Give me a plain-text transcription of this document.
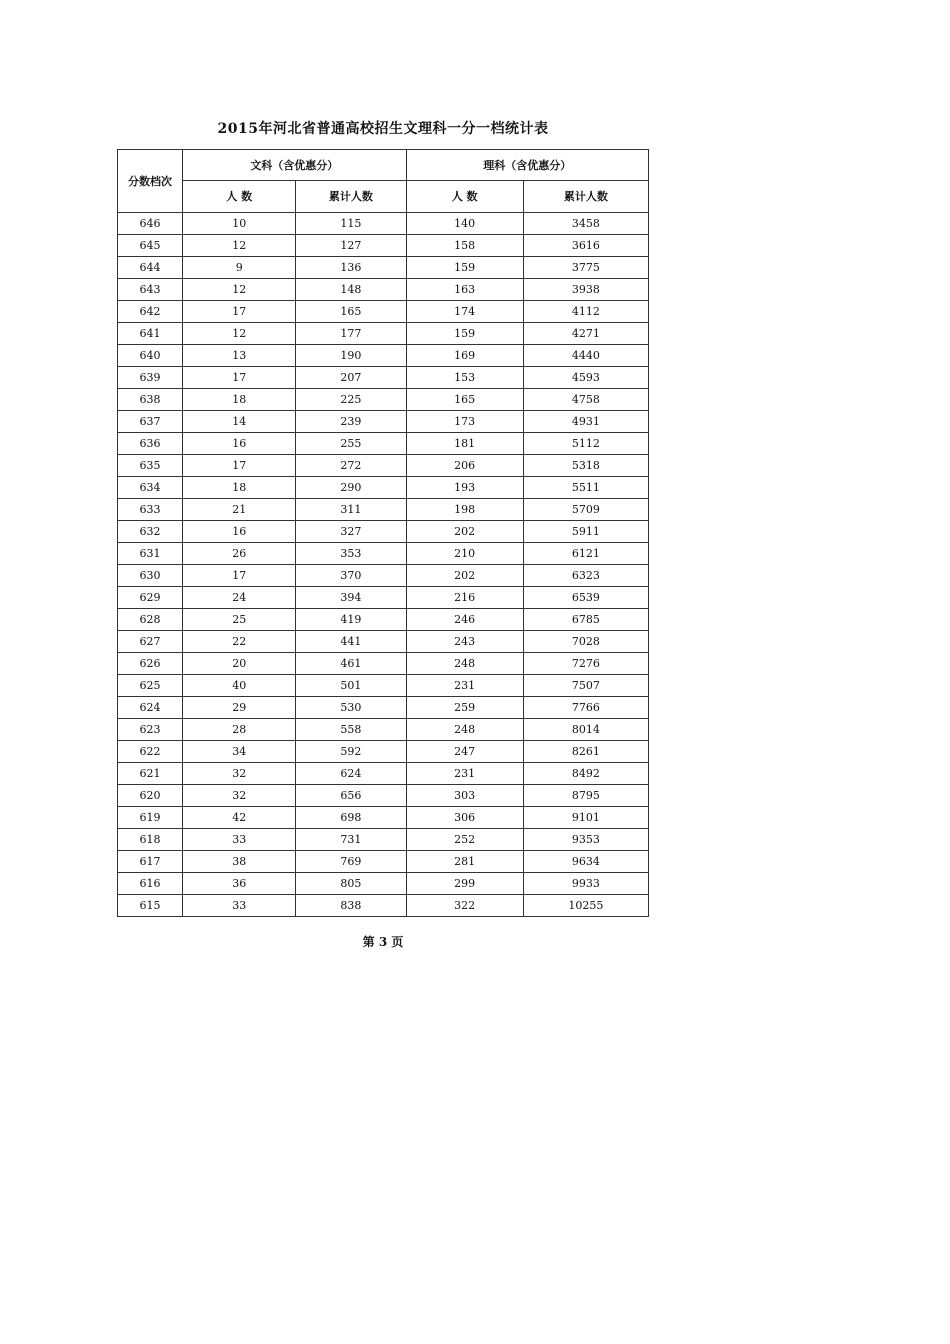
2015年河北省普通高校招生文理科一分一档统计表
分数档次	文科（含优惠分）		理科（含优惠分）	
	人 数	累计人数	人 数	累计人数
646	10	115	140	3458
645	12	127	158	3616
644	9	136	159	3775
643	12	148	163	3938
642	17	165	174	4112
641	12	177	159	4271
640	13	190	169	4440
639	17	207	153	4593
638	18	225	165	4758
637	14	239	173	4931
636	16	255	181	5112
635	17	272	206	5318
634	18	290	193	5511
633	21	311	198	5709
632	16	327	202	5911
631	26	353	210	6121
630	17	370	202	6323
629	24	394	216	6539
628	25	419	246	6785
627	22	441	243	7028
626	20	461	248	7276
625	40	501	231	7507
624	29	530	259	7766
623	28	558	248	8014
622	34	592	247	8261
621	32	624	231	8492
620	32	656	303	8795
619	42	698	306	9101
618	33	731	252	9353
617	38	769	281	9634
616	36	805	299	9933
615	33	838	322	10255
第 3 页
